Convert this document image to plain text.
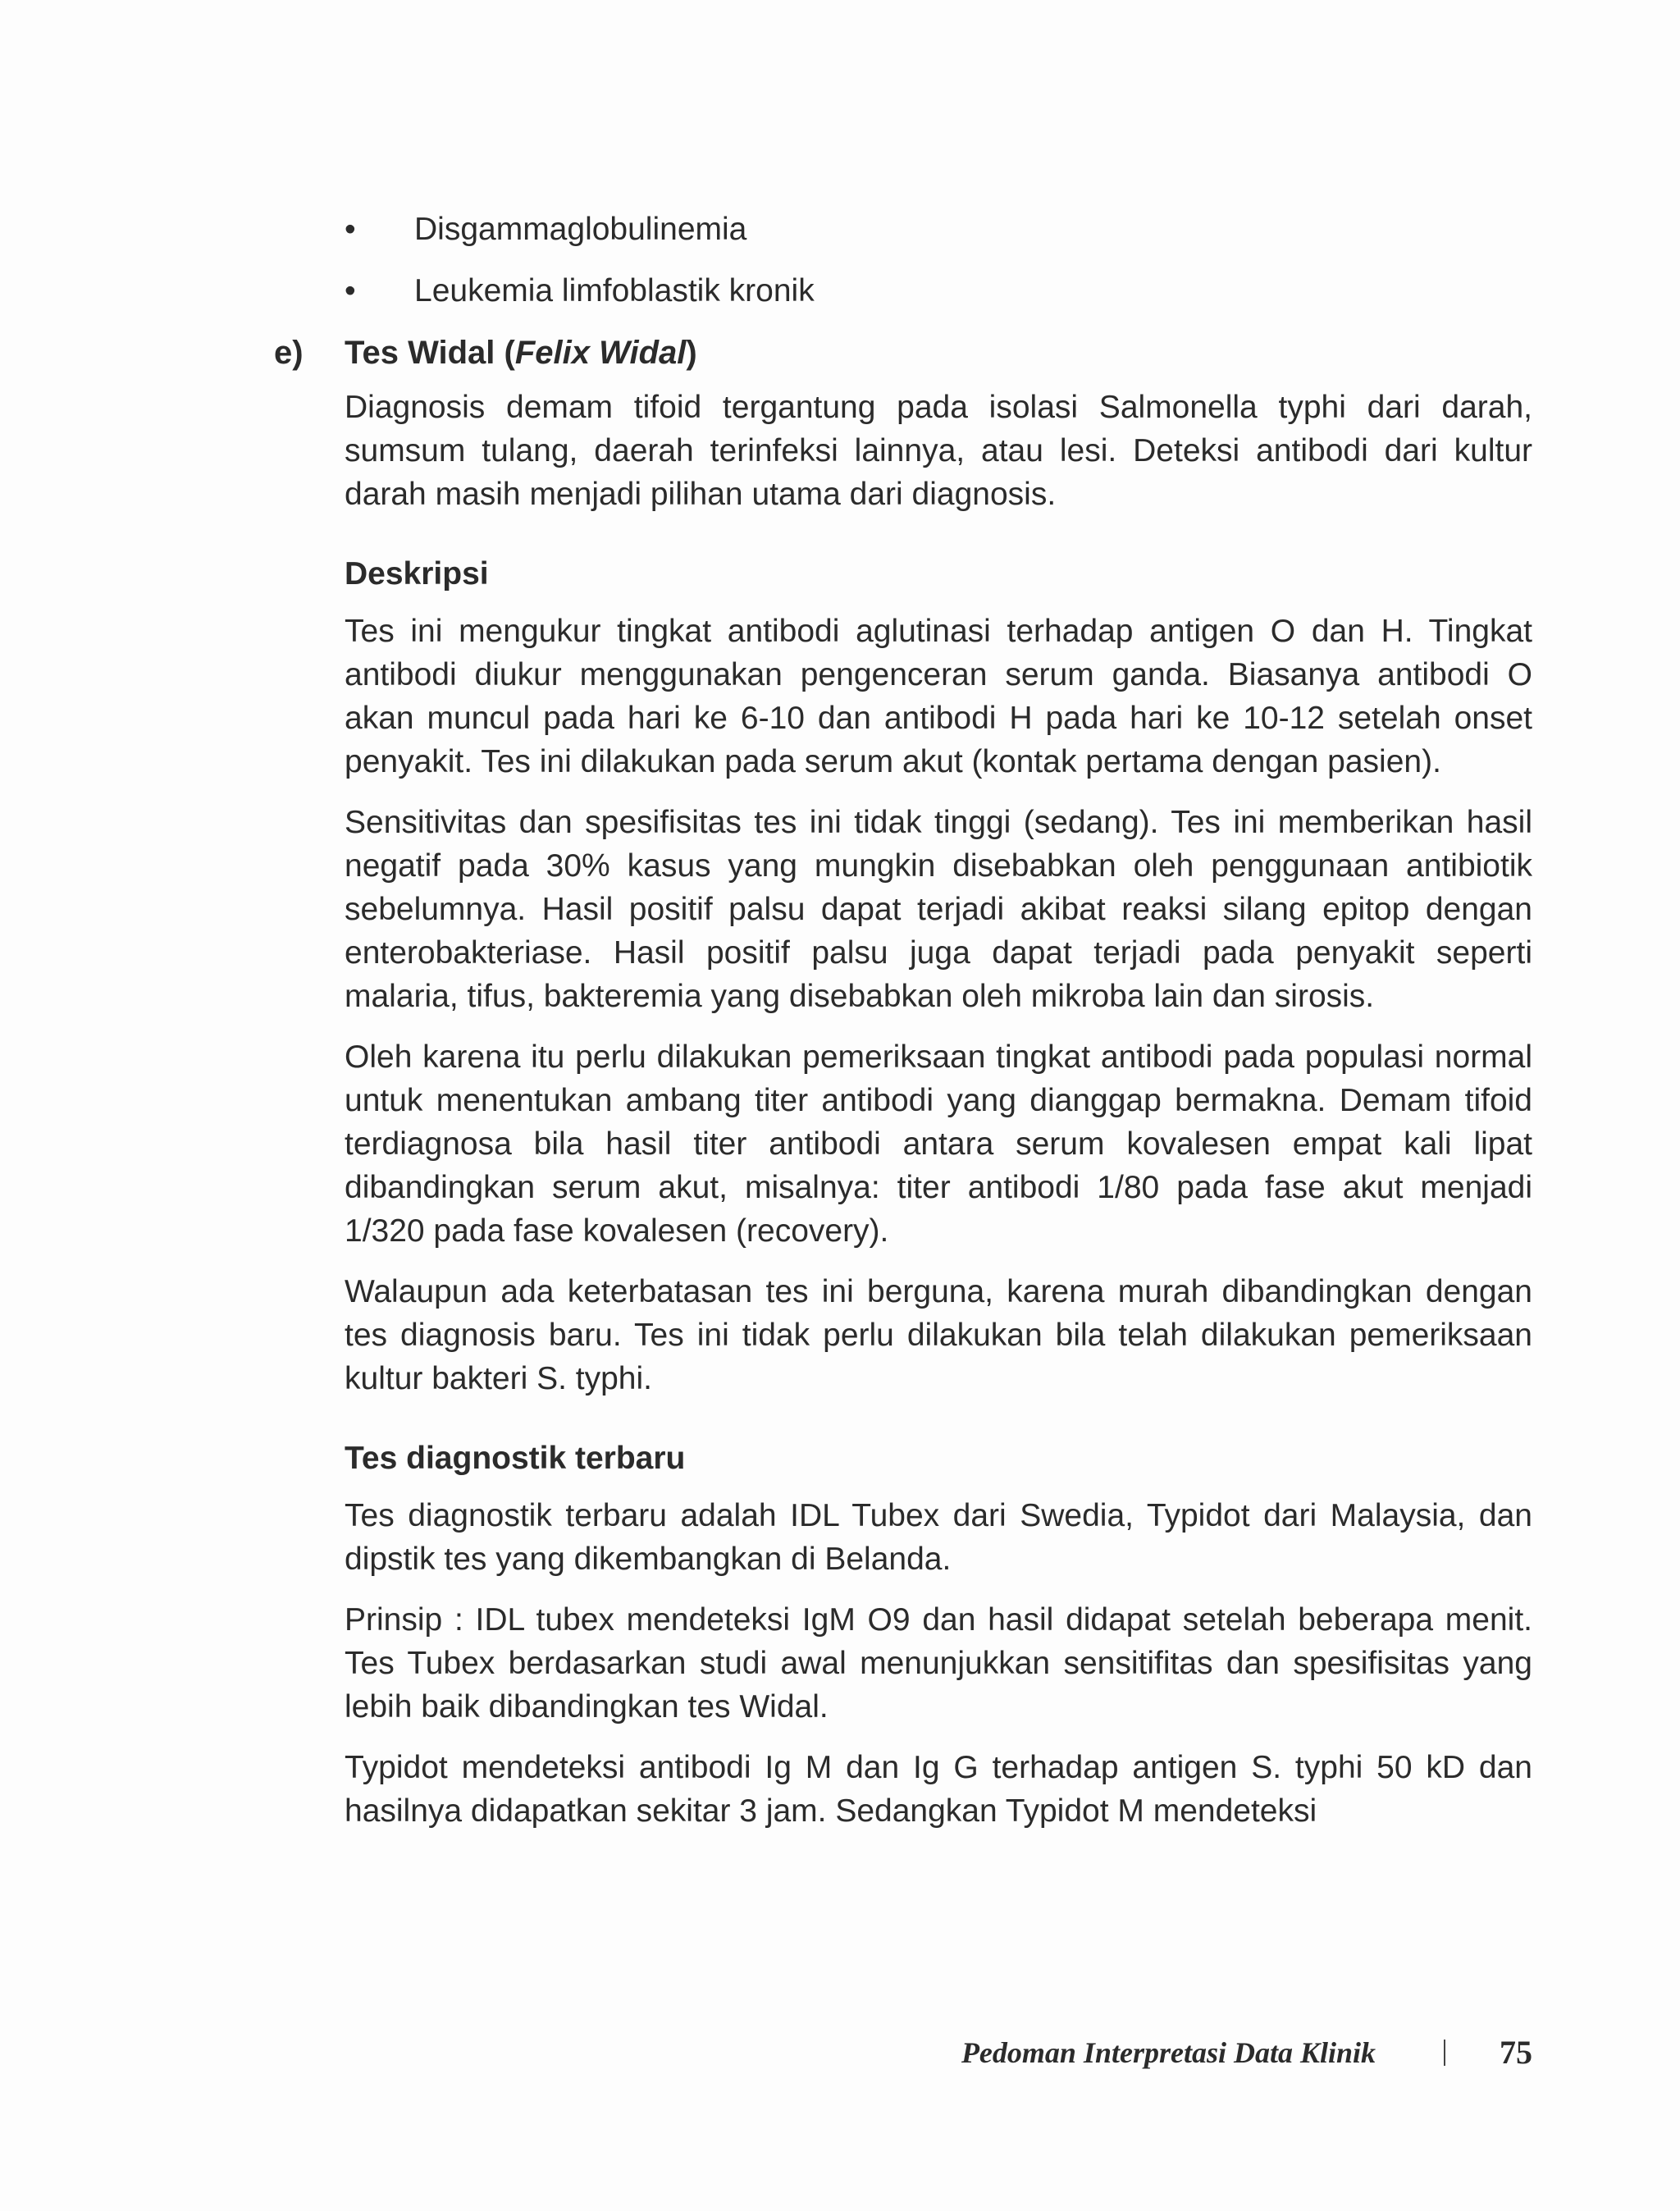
• Disgammaglobulinemia
• Leukemia limfoblastik kronik
e) Tes Widal (Felix Widal)

Diagnosis demam tifoid tergantung pada isolasi Salmonella typhi dari darah, sumsum tulang, daerah terinfeksi lainnya, atau lesi. Deteksi antibodi dari kultur darah masih menjadi pilihan utama dari diagnosis.

Deskripsi

Tes ini mengukur tingkat antibodi aglutinasi terhadap antigen O dan H. Tingkat antibodi diukur menggunakan pengenceran serum ganda. Biasanya antibodi O akan muncul pada hari ke 6-10 dan antibodi H pada hari ke 10-12 setelah onset penyakit. Tes ini dilakukan pada serum akut (kontak pertama dengan pasien).

Sensitivitas dan spesifisitas tes ini tidak tinggi (sedang). Tes ini memberikan hasil negatif pada 30% kasus yang mungkin disebabkan oleh penggunaan antibiotik sebelumnya. Hasil positif palsu dapat terjadi akibat reaksi silang epitop dengan enterobakteriase. Hasil positif palsu juga dapat terjadi pada penyakit seperti malaria, tifus, bakteremia yang disebabkan oleh mikroba lain dan sirosis.

Oleh karena itu perlu dilakukan pemeriksaan tingkat antibodi pada populasi normal untuk menentukan ambang titer antibodi yang dianggap bermakna. Demam tifoid terdiagnosa bila hasil titer antibodi antara serum kovalesen empat kali lipat dibandingkan serum akut, misalnya: titer antibodi 1/80 pada fase akut menjadi 1/320 pada fase kovalesen (recovery).

Walaupun ada keterbatasan tes ini berguna, karena murah dibandingkan dengan tes diagnosis baru. Tes ini tidak perlu dilakukan bila telah dilakukan pemeriksaan kultur bakteri S. typhi.

Tes diagnostik terbaru

Tes diagnostik terbaru adalah IDL Tubex dari Swedia, Typidot dari Malaysia, dan dipstik tes yang dikembangkan di Belanda.

Prinsip : IDL tubex mendeteksi IgM O9 dan hasil didapat setelah beberapa menit. Tes Tubex berdasarkan studi awal menunjukkan sensitifitas dan spesifisitas yang lebih baik dibandingkan tes Widal.

Typidot mendeteksi antibodi Ig M dan Ig G terhadap antigen S. typhi 50 kD dan hasilnya didapatkan sekitar 3 jam. Sedangkan Typidot M mendeteksi

Pedoman Interpretasi Data Klinik	75
